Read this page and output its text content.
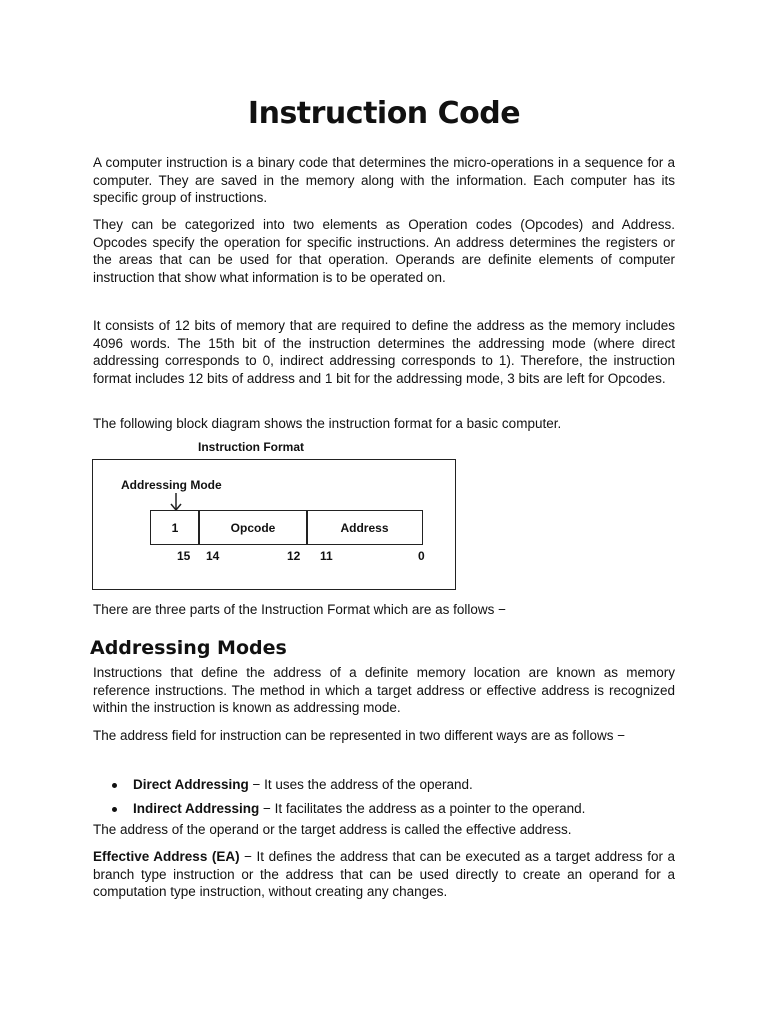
Instruction Code

A computer instruction is a binary code that determines the micro-operations in a sequence for a computer. They are saved in the memory along with the information. Each computer has its specific group of instructions.

They can be categorized into two elements as Operation codes (Opcodes) and Address. Opcodes specify the operation for specific instructions. An address determines the registers or the areas that can be used for that operation. Operands are definite elements of computer instruction that show what information is to be operated on.

It consists of 12 bits of memory that are required to define the address as the memory includes 4096 words. The 15th bit of the instruction determines the addressing mode (where direct addressing corresponds to 0, indirect addressing corresponds to 1). Therefore, the instruction format includes 12 bits of address and 1 bit for the addressing mode, 3 bits are left for Opcodes.

The following block diagram shows the instruction format for a basic computer.

Instruction Format
Addressing Mode
1	Opcode	Address
15 14	12 11	0

There are three parts of the Instruction Format which are as follows −

Addressing Modes

Instructions that define the address of a definite memory location are known as memory reference instructions. The method in which a target address or effective address is recognized within the instruction is known as addressing mode.

The address field for instruction can be represented in two different ways are as follows −

Direct Addressing − It uses the address of the operand.
Indirect Addressing − It facilitates the address as a pointer to the operand.

The address of the operand or the target address is called the effective address.

Effective Address (EA) − It defines the address that can be executed as a target address for a branch type instruction or the address that can be used directly to create an operand for a computation type instruction, without creating any changes.
